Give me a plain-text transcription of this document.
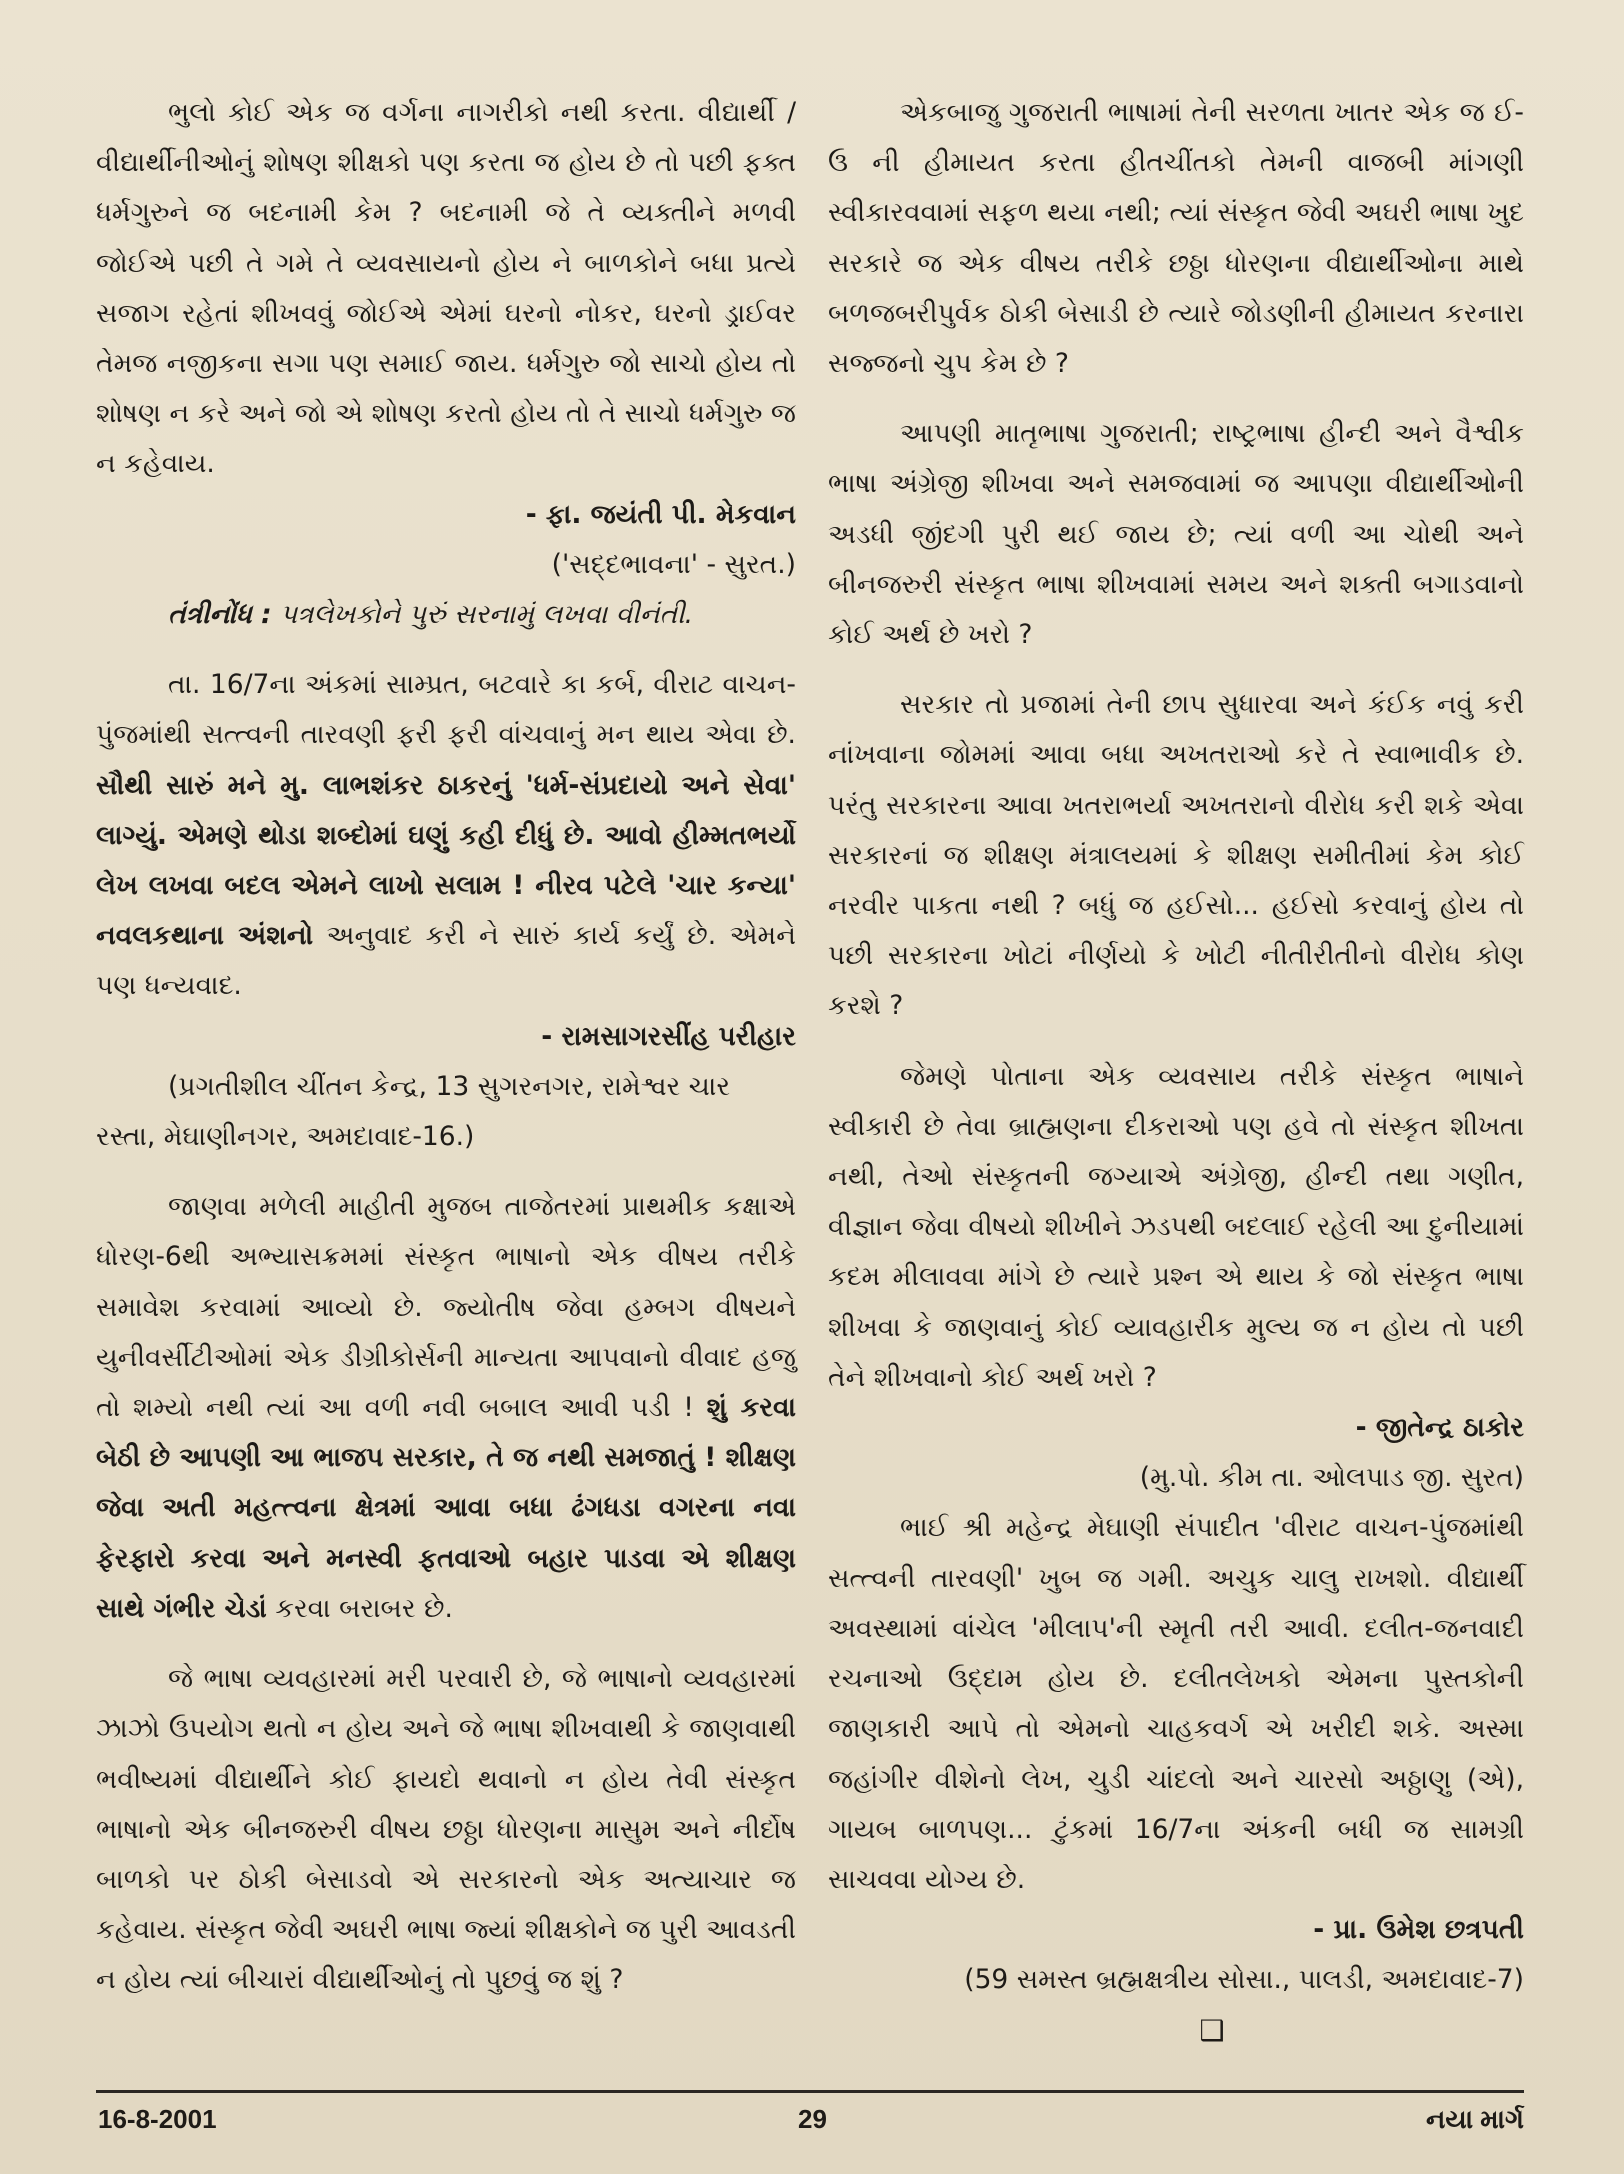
ભુલો કોઈ એક જ વર્ગના નાગરીકો નથી કરતા. વીદ્યાર્થી / વીદ્યાર્થીનીઓનું શોષણ શીક્ષકો પણ કરતા જ હોય છે તો પછી ફક્ત ધર્મગુરુને જ બદનામી કેમ ? બદનામી જે તે વ્યક્તીને મળવી જોઈએ પછી તે ગમે તે વ્યવસાયનો હોય ને બાળકોને બધા પ્રત્યે સજાગ રહેતાં શીખવવું જોઈએ એમાં ઘરનો નોકર, ઘરનો ડ્રાઈવર તેમજ નજીકના સગા પણ સમાઈ જાય. ધર્મગુરુ જો સાચો હોય તો શોષણ ન કરે અને જો એ શોષણ કરતો હોય તો તે સાચો ધર્મગુરુ જ ન કહેવાય.

- ફા. જયંતી પી. મેકવાન

('સદ્દભાવના' - સુરત.)

તંત્રીનોંધ : પત્રલેખકોને પુરું સરનામું લખવા વીનંતી.

તા. 16/7ના અંકમાં સામ્પ્રત, બટવારે કા કર્બ, વીરાટ વાચન-પુંજમાંથી સત્ત્વની તારવણી ફરી ફરી વાંચવાનું મન થાય એવા છે. સૌથી સારું મને મુ. લાભશંકર ઠાકરનું 'ધર્મ-સંપ્રદાયો અને સેવા' લાગ્યું. એમણે થોડા શબ્દોમાં ઘણું કહી દીધું છે. આવો હીમ્મતભર્યો લેખ લખવા બદલ એમને લાખો સલામ ! નીરવ પટેલે 'ચાર કન્યા' નવલકથાના અંશનો અનુવાદ કરી ને સારું કાર્ય કર્યું છે. એમને પણ ધન્યવાદ.

- રામસાગરસીંહ પરીહાર

(પ્રગતીશીલ ચીંતન કેન્દ્ર, 13 સુગરનગર, રામેશ્વર ચાર રસ્તા, મેઘાણીનગર, અમદાવાદ-16.)

જાણવા મળેલી માહીતી મુજબ તાજેતરમાં પ્રાથમીક કક્ષાએ ધોરણ-6થી અભ્યાસક્રમમાં સંસ્કૃત ભાષાનો એક વીષય તરીકે સમાવેશ કરવામાં આવ્યો છે. જ્યોતીષ જેવા હમ્બગ વીષયને યુનીવર્સીટીઓમાં એક ડીગ્રીકોર્સની માન્યતા આપવાનો વીવાદ હજુ તો શમ્યો નથી ત્યાં આ વળી નવી બબાલ આવી પડી ! શું કરવા બેઠી છે આપણી આ ભાજપ સરકાર, તે જ નથી સમજાતું ! શીક્ષણ જેવા અતી મહત્ત્વના ક્ષેત્રમાં આવા બધા ઢંગધડા વગરના નવા ફેરફારો કરવા અને મનસ્વી ફતવાઓ બહાર પાડવા એ શીક્ષણ સાથે ગંભીર ચેડાં કરવા બરાબર છે.

જે ભાષા વ્યવહારમાં મરી પરવારી છે, જે ભાષાનો વ્યવહારમાં ઝાઝો ઉપયોગ થતો ન હોય અને જે ભાષા શીખવાથી કે જાણવાથી ભવીષ્યમાં વીદ્યાર્થીને કોઈ ફાયદો થવાનો ન હોય તેવી સંસ્કૃત ભાષાનો એક બીનજરુરી વીષય છઠ્ઠા ધોરણના માસુમ અને નીર્દોષ બાળકો પર ઠોકી બેસાડવો એ સરકારનો એક અત્યાચાર જ કહેવાય. સંસ્કૃત જેવી અઘરી ભાષા જ્યાં શીક્ષકોને જ પુરી આવડતી ન હોય ત્યાં બીચારાં વીદ્યાર્થીઓનું તો પુછવું જ શું ?

એકબાજુ ગુજરાતી ભાષામાં તેની સરળતા ખાતર એક જ ઈ-ઉ ની હીમાયત કરતા હીતચીંતકો તેમની વાજબી માંગણી સ્વીકારવવામાં સફળ થયા નથી; ત્યાં સંસ્કૃત જેવી અઘરી ભાષા ખુદ સરકારે જ એક વીષય તરીકે છઠ્ઠા ધોરણના વીદ્યાર્થીઓના માથે બળજબરીપુર્વક ઠોકી બેસાડી છે ત્યારે જોડણીની હીમાયત કરનારા સજ્જનો ચુપ કેમ છે ?

આપણી માતૃભાષા ગુજરાતી; રાષ્ટ્રભાષા હીન્દી અને વૈશ્વીક ભાષા અંગ્રેજી શીખવા અને સમજવામાં જ આપણા વીદ્યાર્થીઓની અડધી જીંદગી પુરી થઈ જાય છે; ત્યાં વળી આ ચોથી અને બીનજરુરી સંસ્કૃત ભાષા શીખવામાં સમય અને શક્તી બગાડવાનો કોઈ અર્થ છે ખરો ?

સરકાર તો પ્રજામાં તેની છાપ સુધારવા અને કંઈક નવું કરી નાંખવાના જોમમાં આવા બધા અખતરાઓ કરે તે સ્વાભાવીક છે. પરંતુ સરકારના આવા ખતરાભર્યા અખતરાનો વીરોધ કરી શકે એવા સરકારનાં જ શીક્ષણ મંત્રાલયમાં કે શીક્ષણ સમીતીમાં કેમ કોઈ નરવીર પાકતા નથી ? બધું જ હઈસો... હઈસો કરવાનું હોય તો પછી સરકારના ખોટાં નીર્ણયો કે ખોટી નીતીરીતીનો વીરોધ કોણ કરશે ?

જેમણે પોતાના એક વ્યવસાય તરીકે સંસ્કૃત ભાષાને સ્વીકારી છે તેવા બ્રાહ્મણના દીકરાઓ પણ હવે તો સંસ્કૃત શીખતા નથી, તેઓ સંસ્કૃતની જગ્યાએ અંગ્રેજી, હીન્દી તથા ગણીત, વીજ્ઞાન જેવા વીષયો શીખીને ઝડપથી બદલાઈ રહેલી આ દુનીયામાં કદમ મીલાવવા માંગે છે ત્યારે પ્રશ્ન એ થાય કે જો સંસ્કૃત ભાષા શીખવા કે જાણવાનું કોઈ વ્યાવહારીક મુલ્ય જ ન હોય તો પછી તેને શીખવાનો કોઈ અર્થ ખરો ?

- જીતેન્દ્ર ઠાકોર

(મુ.પો. કીમ તા. ઓલપાડ જી. સુરત)

ભાઈ શ્રી મહેન્દ્ર મેઘાણી સંપાદીત 'વીરાટ વાચન-પુંજમાંથી સત્ત્વની તારવણી' ખુબ જ ગમી. અચુક ચાલુ રાખશો. વીદ્યાર્થી અવસ્થામાં વાંચેલ 'મીલાપ'ની સ્મૃતી તરી આવી. દલીત-જનવાદી રચનાઓ ઉદ્દામ હોય છે. દલીતલેખકો એમના પુસ્તકોની જાણકારી આપે તો એમનો ચાહકવર્ગ એ ખરીદી શકે. અસ્મા જહાંગીર વીશેનો લેખ, ચુડી ચાંદલો અને ચારસો અઠ્ઠાણુ (એ), ગાયબ બાળપણ... ટુંકમાં 16/7ના અંકની બધી જ સામગ્રી સાચવવા યોગ્ય છે.

- પ્રા. ઉમેશ છત્રપતી

(59 સમસ્ત બ્રહ્મક્ષત્રીય સોસા., પાલડી, અમદાવાદ-7)

❑

16-8-2001	29	નયા માર્ગ
